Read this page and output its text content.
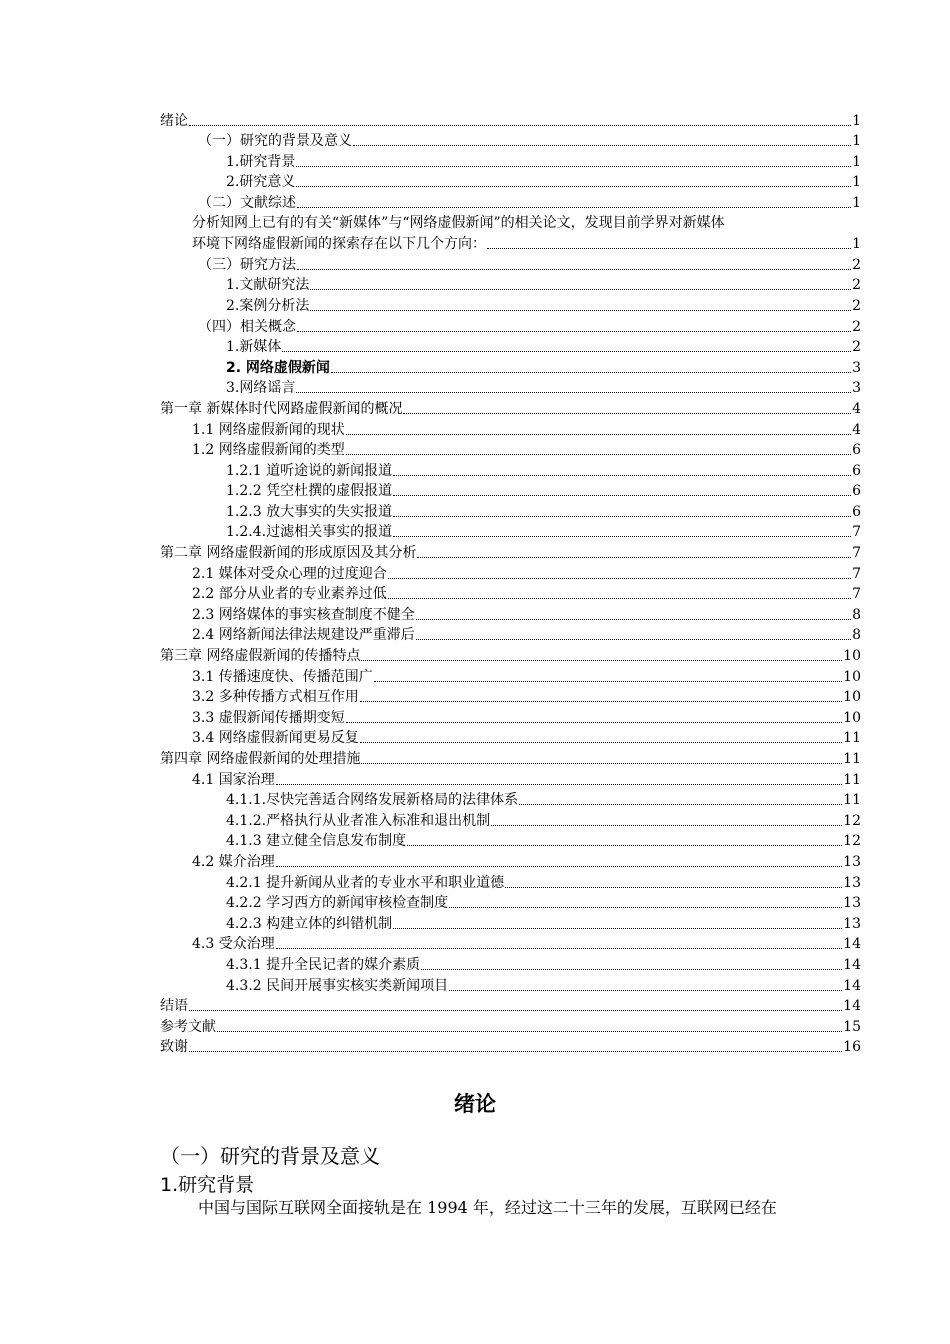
绪论	1
（一）研究的背景及意义	1
1.研究背景	1
2.研究意义	1
（二）文献综述	1
分析知网上已有的有关“新媒体”与“网络虚假新闻”的相关论文，发现目前学界对新媒体
环境下网络虚假新闻的探索存在以下几个方向：	1
（三）研究方法	2
1.文献研究法	2
2.案例分析法	2
（四）相关概念	2
1.新媒体	2
2. 网络虚假新闻	3
3.网络谣言	3
第一章 新媒体时代网路虚假新闻的概况	4
1.1 网络虚假新闻的现状	4
1.2 网络虚假新闻的类型	6
1.2.1 道听途说的新闻报道	6
1.2.2 凭空杜撰的虚假报道	6
1.2.3 放大事实的失实报道	6
1.2.4.过滤相关事实的报道	7
第二章 网络虚假新闻的形成原因及其分析	7
2.1 媒体对受众心理的过度迎合	7
2.2 部分从业者的专业素养过低	7
2.3 网络媒体的事实核查制度不健全	8
2.4 网络新闻法律法规建设严重滞后	8
第三章 网络虚假新闻的传播特点	10
3.1 传播速度快、传播范围广	10
3.2 多种传播方式相互作用	10
3.3 虚假新闻传播期变短	10
3.4 网络虚假新闻更易反复	11
第四章 网络虚假新闻的处理措施	11
4.1 国家治理	11
4.1.1.尽快完善适合网络发展新格局的法律体系	11
4.1.2.严格执行从业者准入标准和退出机制	12
4.1.3 建立健全信息发布制度	12
4.2 媒介治理	13
4.2.1 提升新闻从业者的专业水平和职业道德	13
4.2.2 学习西方的新闻审核检查制度	13
4.2.3 构建立体的纠错机制	13
4.3 受众治理	14
4.3.1 提升全民记者的媒介素质	14
4.3.2 民间开展事实核实类新闻项目	14
结语	14
参考文献	15
致谢	16
绪论
（一）研究的背景及意义
1.研究背景
中国与国际互联网全面接轨是在 1994 年，经过这二十三年的发展，互联网已经在
